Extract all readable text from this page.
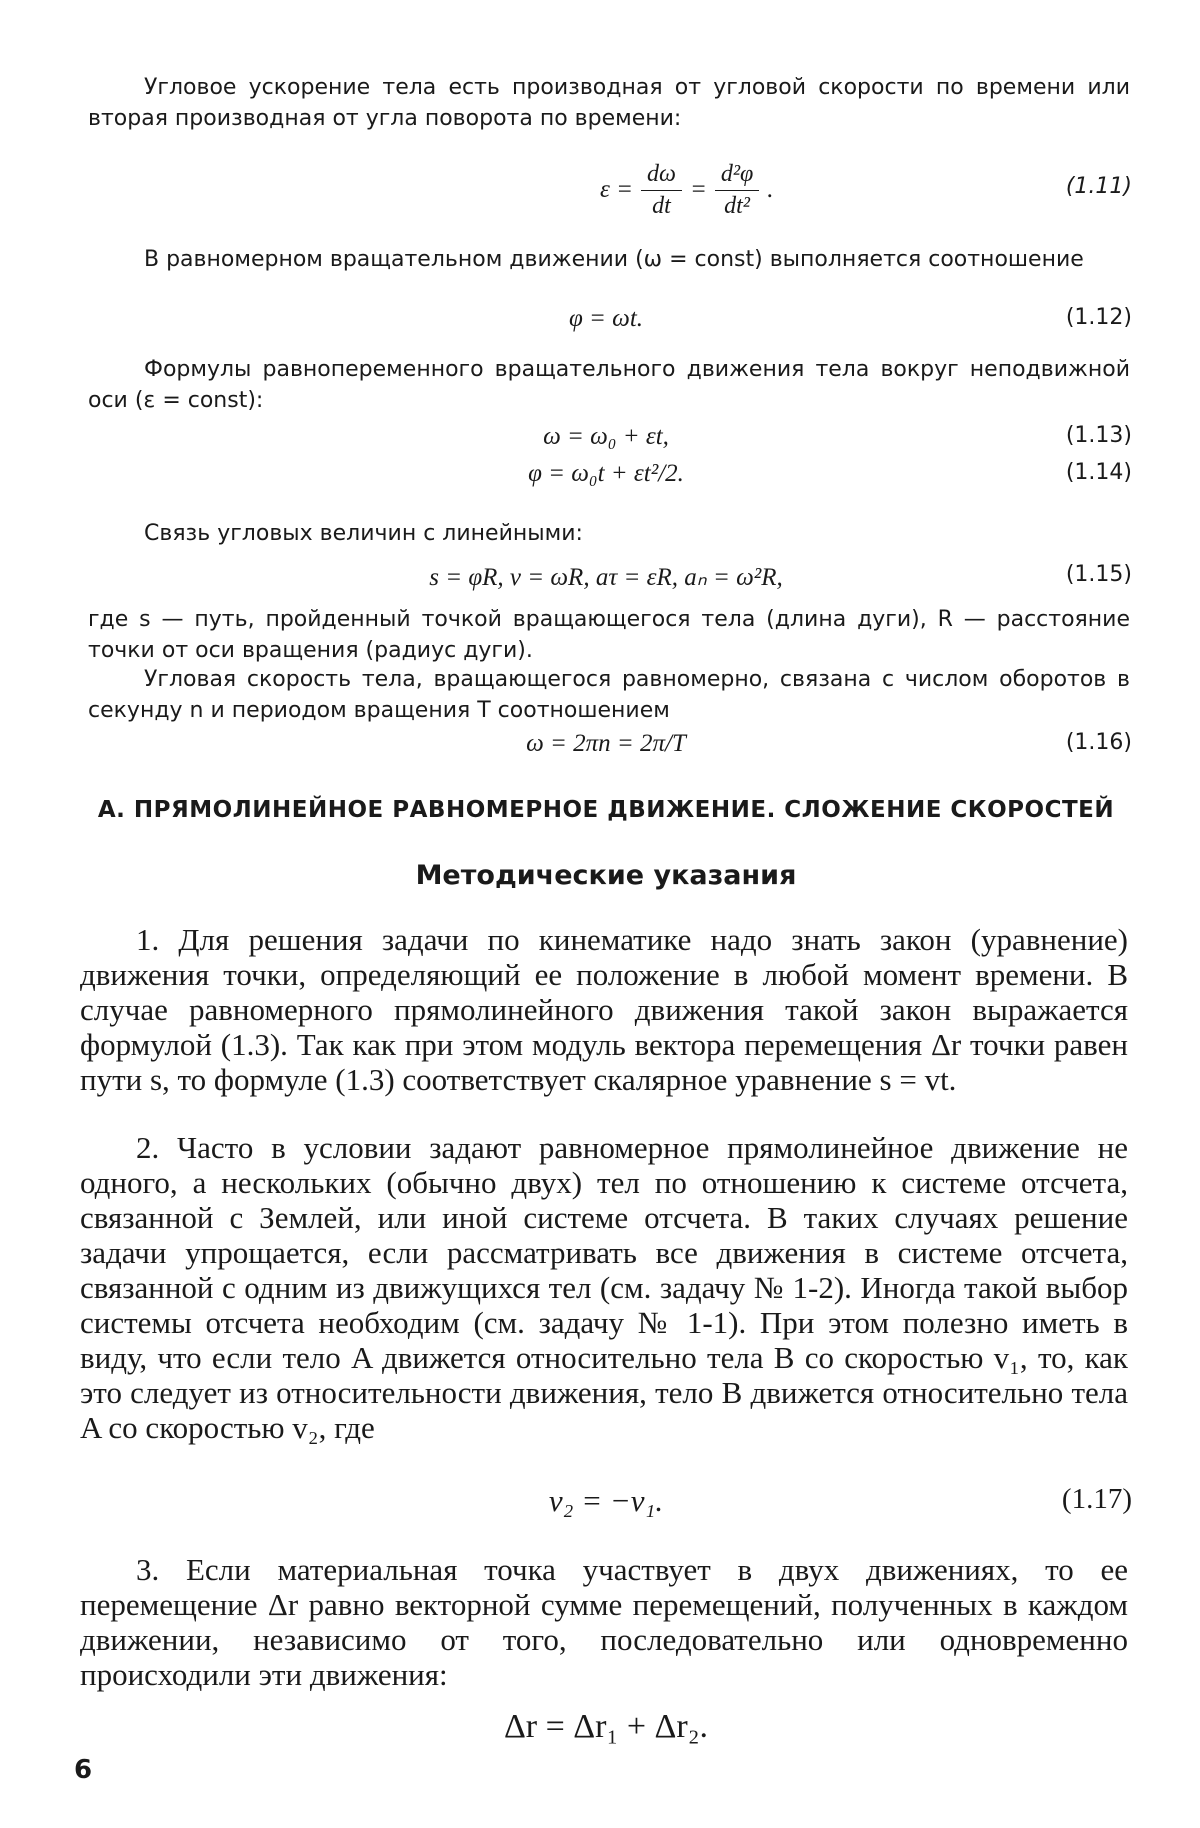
Угловое ускорение тела есть производная от угловой скорости по времени или вторая производная от угла поворота по времени:

$\varepsilon = \frac{d\omega}{dt} = \frac{\text{d²φ}}{\text{dt²}}$ .	(1.11)

В равномерном вращательном движении (ω = const) выполняется соотношение

φ = ωt.	(1.12)

Формулы равнопеременного вращательного движения тела вокруг неподвижной оси (ε = const):

ω = ω₀ + εt,	(1.13)
φ = ω₀t + εt²/2.	(1.14)

Связь угловых величин с линейными:

s = φR, v = ωR, aτ = εR, aₙ = ω²R,	(1.15)

где s — путь, пройденный точкой вращающегося тела (длина дуги), R — расстояние точки от оси вращения (радиус дуги).

Угловая скорость тела, вращающегося равномерно, связана с числом оборотов в секунду n и периодом вращения T соотношением

ω = 2πn = 2π/T	(1.16)
А. ПРЯМОЛИНЕЙНОЕ РАВНОМЕРНОЕ ДВИЖЕНИЕ. СЛОЖЕНИЕ СКОРОСТЕЙ
Методические указания

1. Для решения задачи по кинематике надо знать закон (уравнение) движения точки, определяющий ее положение в любой момент времени. В случае равномерного прямолинейного движения такой закон выражается формулой (1.3). Так как при этом модуль вектора перемещения Δr точки равен пути s, то формуле (1.3) соответствует скалярное уравнение s = vt.

2. Часто в условии задают равномерное прямолинейное движение не одного, а нескольких (обычно двух) тел по отношению к системе отсчета, связанной с Землей, или иной системе отсчета. В таких случаях решение задачи упрощается, если рассматривать все движения в системе отсчета, связанной с одним из движущихся тел (см. задачу № 1-2). Иногда такой выбор системы отсчета необходим (см. задачу № 1-1). При этом полезно иметь в виду, что если тело A движется относительно тела B со скоростью v₁, то, как это следует из относительности движения, тело B движется относительно тела A со скоростью v₂, где

v₂ = −v₁.	(1.17)

3. Если материальная точка участвует в двух движениях, то ее перемещение Δr равно векторной сумме перемещений, полученных в каждом движении, независимо от того, последовательно или одновременно происходили эти движения:

Δr = Δr₁ + Δr₂.
6
